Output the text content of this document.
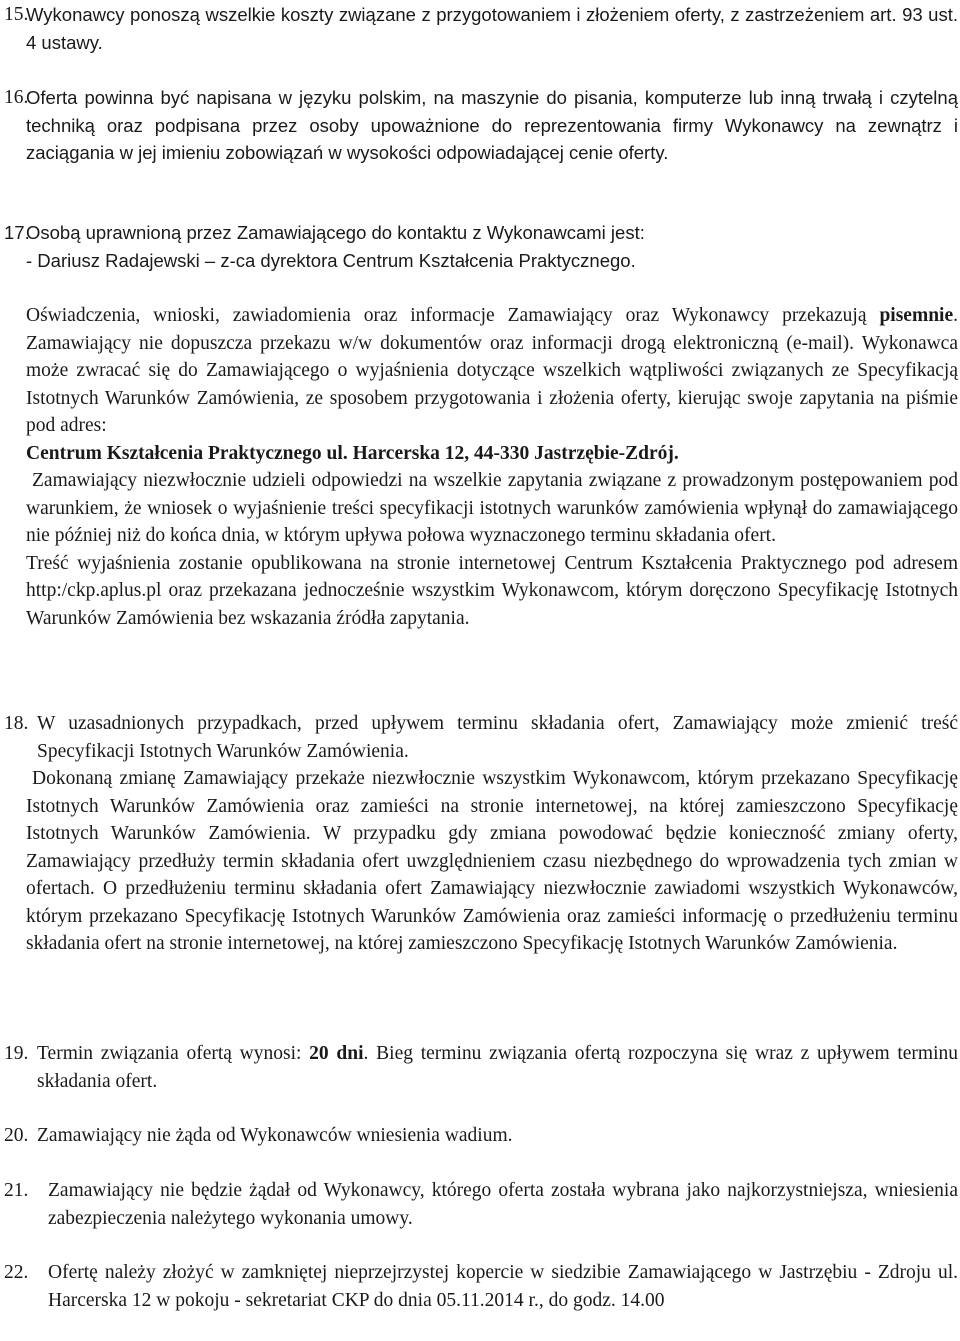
15.
Wykonawcy ponoszą wszelkie koszty związane z przygotowaniem i złożeniem oferty, z zastrzeżeniem art. 93 ust. 4 ustawy.
16.
Oferta powinna być napisana w języku polskim, na maszynie do pisania, komputerze lub inną trwałą i czytelną techniką oraz podpisana przez osoby upoważnione do reprezentowania firmy Wykonawcy na zewnątrz i zaciągania w jej imieniu zobowiązań w wysokości odpowiadającej cenie oferty.
17.
Osobą uprawnioną przez Zamawiającego do kontaktu z Wykonawcami jest:
- Dariusz Radajewski – z-ca dyrektora Centrum Kształcenia Praktycznego.
Oświadczenia, wnioski, zawiadomienia oraz informacje Zamawiający oraz Wykonawcy przekazują pisemnie. Zamawiający nie dopuszcza przekazu w/w dokumentów oraz informacji drogą elektroniczną (e-mail). Wykonawca może zwracać się do Zamawiającego o wyjaśnienia dotyczące wszelkich wątpliwości związanych ze Specyfikacją Istotnych Warunków Zamówienia, ze sposobem przygotowania i złożenia oferty, kierując swoje zapytania na piśmie pod adres:
Centrum Kształcenia Praktycznego ul. Harcerska 12, 44-330 Jastrzębie-Zdrój.
Zamawiający niezwłocznie udzieli odpowiedzi na wszelkie zapytania związane z prowadzonym postępowaniem pod warunkiem, że wniosek o wyjaśnienie treści specyfikacji istotnych warunków zamówienia wpłynął do zamawiającego nie później niż do końca dnia, w którym upływa połowa wyznaczonego terminu składania ofert.
Treść wyjaśnienia zostanie opublikowana na stronie internetowej Centrum Kształcenia Praktycznego pod adresem http:/ckp.aplus.pl oraz przekazana jednocześnie wszystkim Wykonawcom, którym doręczono Specyfikację Istotnych Warunków Zamówienia bez wskazania źródła zapytania.
18. W uzasadnionych przypadkach, przed upływem terminu składania ofert, Zamawiający może zmienić treść Specyfikacji Istotnych Warunków Zamówienia.
Dokonaną zmianę Zamawiający przekaże niezwłocznie wszystkim Wykonawcom, którym przekazano Specyfikację Istotnych Warunków Zamówienia oraz zamieści na stronie internetowej, na której zamieszczono Specyfikację Istotnych Warunków Zamówienia. W przypadku gdy zmiana powodować będzie konieczność zmiany oferty, Zamawiający przedłuży termin składania ofert uwzględnieniem czasu niezbędnego do wprowadzenia tych zmian w ofertach. O przedłużeniu terminu składania ofert Zamawiający niezwłocznie zawiadomi wszystkich Wykonawców, którym przekazano Specyfikację Istotnych Warunków Zamówienia oraz zamieści informację o przedłużeniu terminu składania ofert na stronie internetowej, na której zamieszczono Specyfikację Istotnych Warunków Zamówienia.
19. Termin związania ofertą wynosi: 20 dni. Bieg terminu związania ofertą rozpoczyna się wraz z upływem terminu składania ofert.
20. Zamawiający nie żąda od Wykonawców wniesienia wadium.
21.	Zamawiający nie będzie żądał od Wykonawcy, którego oferta została wybrana jako najkorzystniejsza, wniesienia zabezpieczenia należytego wykonania umowy.
22.	Ofertę należy złożyć w zamkniętej nieprzejrzystej kopercie w siedzibie Zamawiającego w Jastrzębiu - Zdroju ul. Harcerska 12 w pokoju - sekretariat CKP do dnia 05.11.2014 r., do godz. 14.00
